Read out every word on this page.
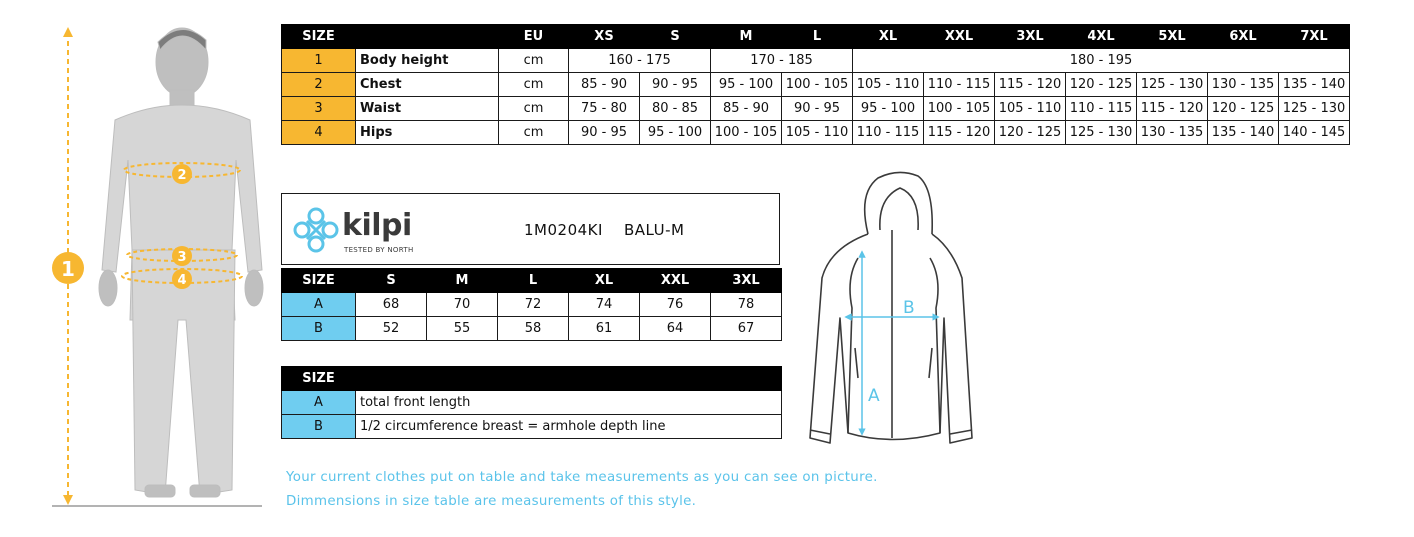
1
2
3
4
SIZE		EU	XS	S	M	L	XL	XXL	3XL	4XL	5XL	6XL	7XL
1	Body height	cm	160 - 175		170 - 185		180 - 195						
2	Chest	cm	85 - 90	90 - 95	95 - 100	100 - 105	105 - 110	110 - 115	115 - 120	120 - 125	125 - 130	130 - 135	135 - 140
3	Waist	cm	75 - 80	80 - 85	85 - 90	90 - 95	95 - 100	100 - 105	105 - 110	110 - 115	115 - 120	120 - 125	125 - 130
4	Hips	cm	90 - 95	95 - 100	100 - 105	105 - 110	110 - 115	115 - 120	120 - 125	125 - 130	130 - 135	135 - 140	140 - 145
kilpi
TESTED BY NORTH
1M0204KI BALU-M
SIZE	S	M	L	XL	XXL	3XL
A	68	70	72	74	76	78
B	52	55	58	61	64	67
SIZE	
A	total front length
B	1/2 circumference breast = armhole depth line
A
B
Your current clothes put on table and take measurements as you can see on picture.
Dimmensions in size table are measurements of this style.
